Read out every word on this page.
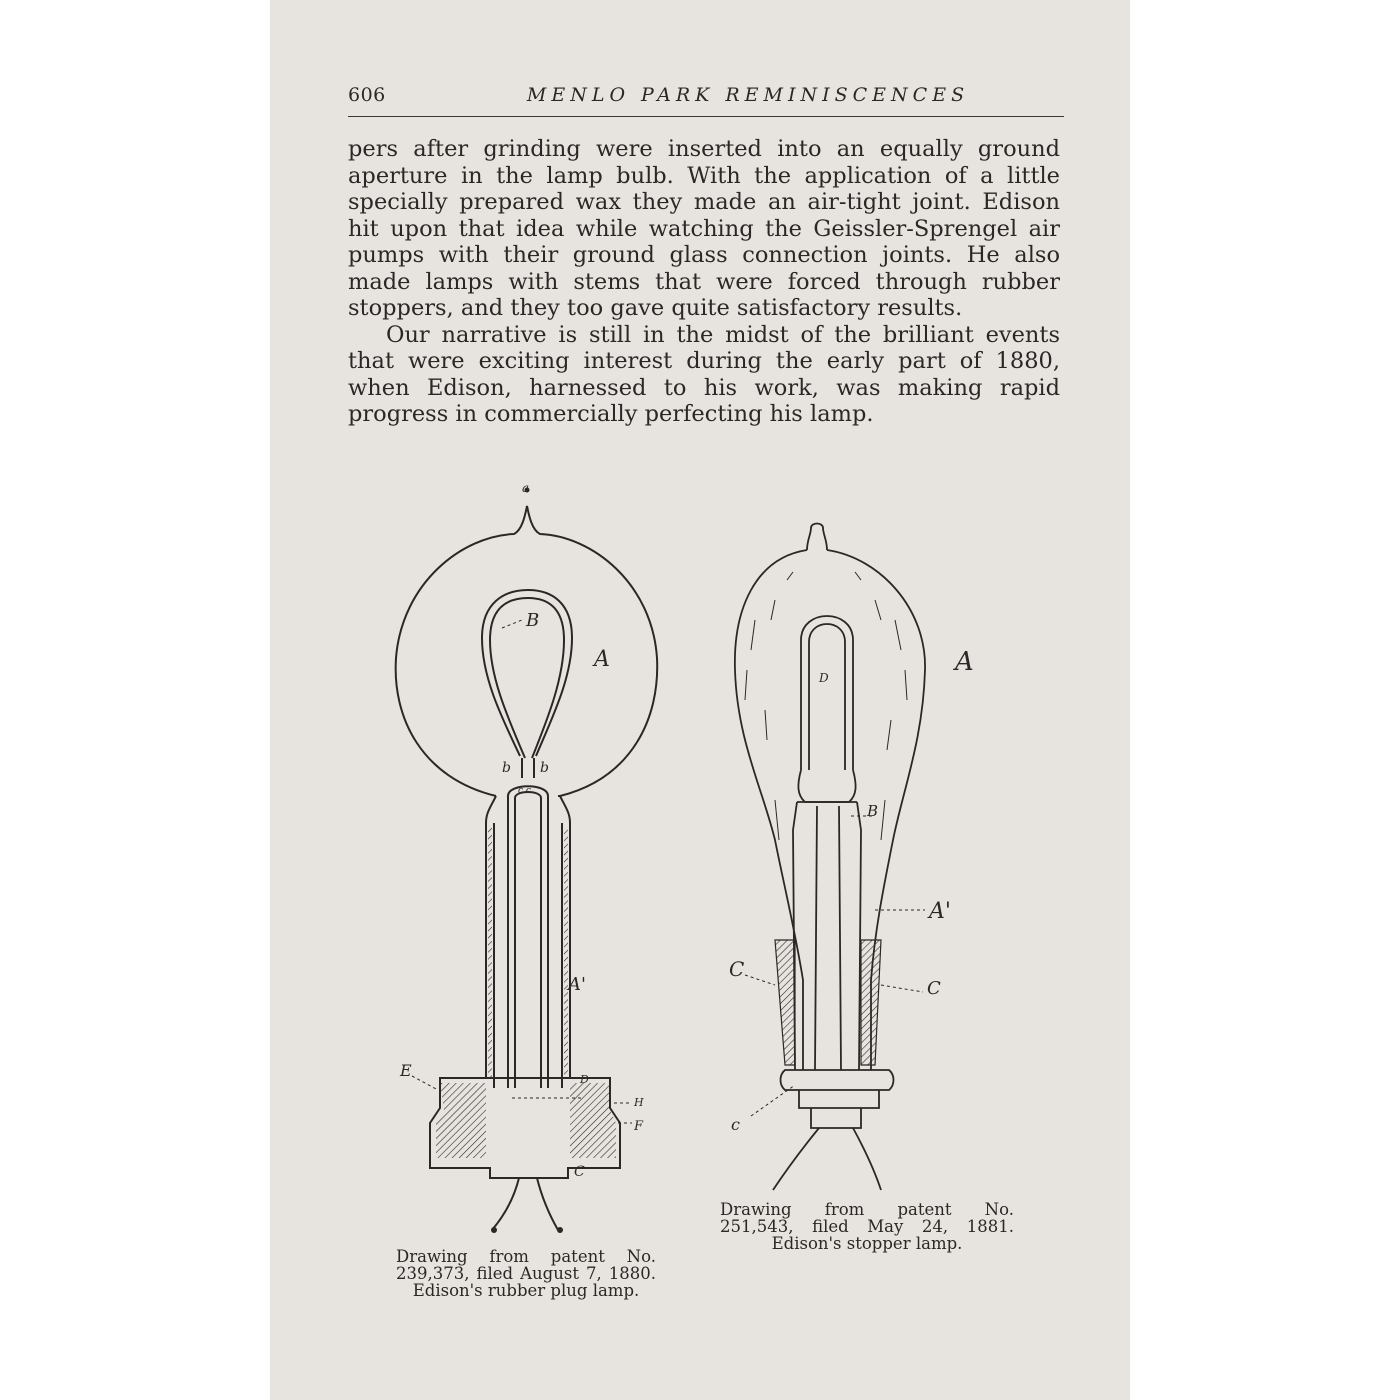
606	MENLO PARK REMINISCENCES

pers after grinding were inserted into an equally ground aperture in the lamp bulb. With the application of a little specially prepared wax they made an air-tight joint. Edison hit upon that idea while watching the Geissler-Sprengel air pumps with their ground glass connection joints. He also made lamps with stems that were forced through rubber stoppers, and they too gave quite satisfactory results.

Our narrative is still in the midst of the brilliant events that were exciting interest during the early part of 1880, when Edison, harnessed to his work, was making rapid progress in commercially perfecting his lamp.

a
B
A
b b
c c
A'
E	D
H
F
C
D
A
B
A'
C
C
c
Drawing from patent No.
239,373, filed August 7, 1880.
Edison's rubber plug lamp.
Drawing from patent No.
251,543, filed May 24, 1881.
Edison's stopper lamp.
